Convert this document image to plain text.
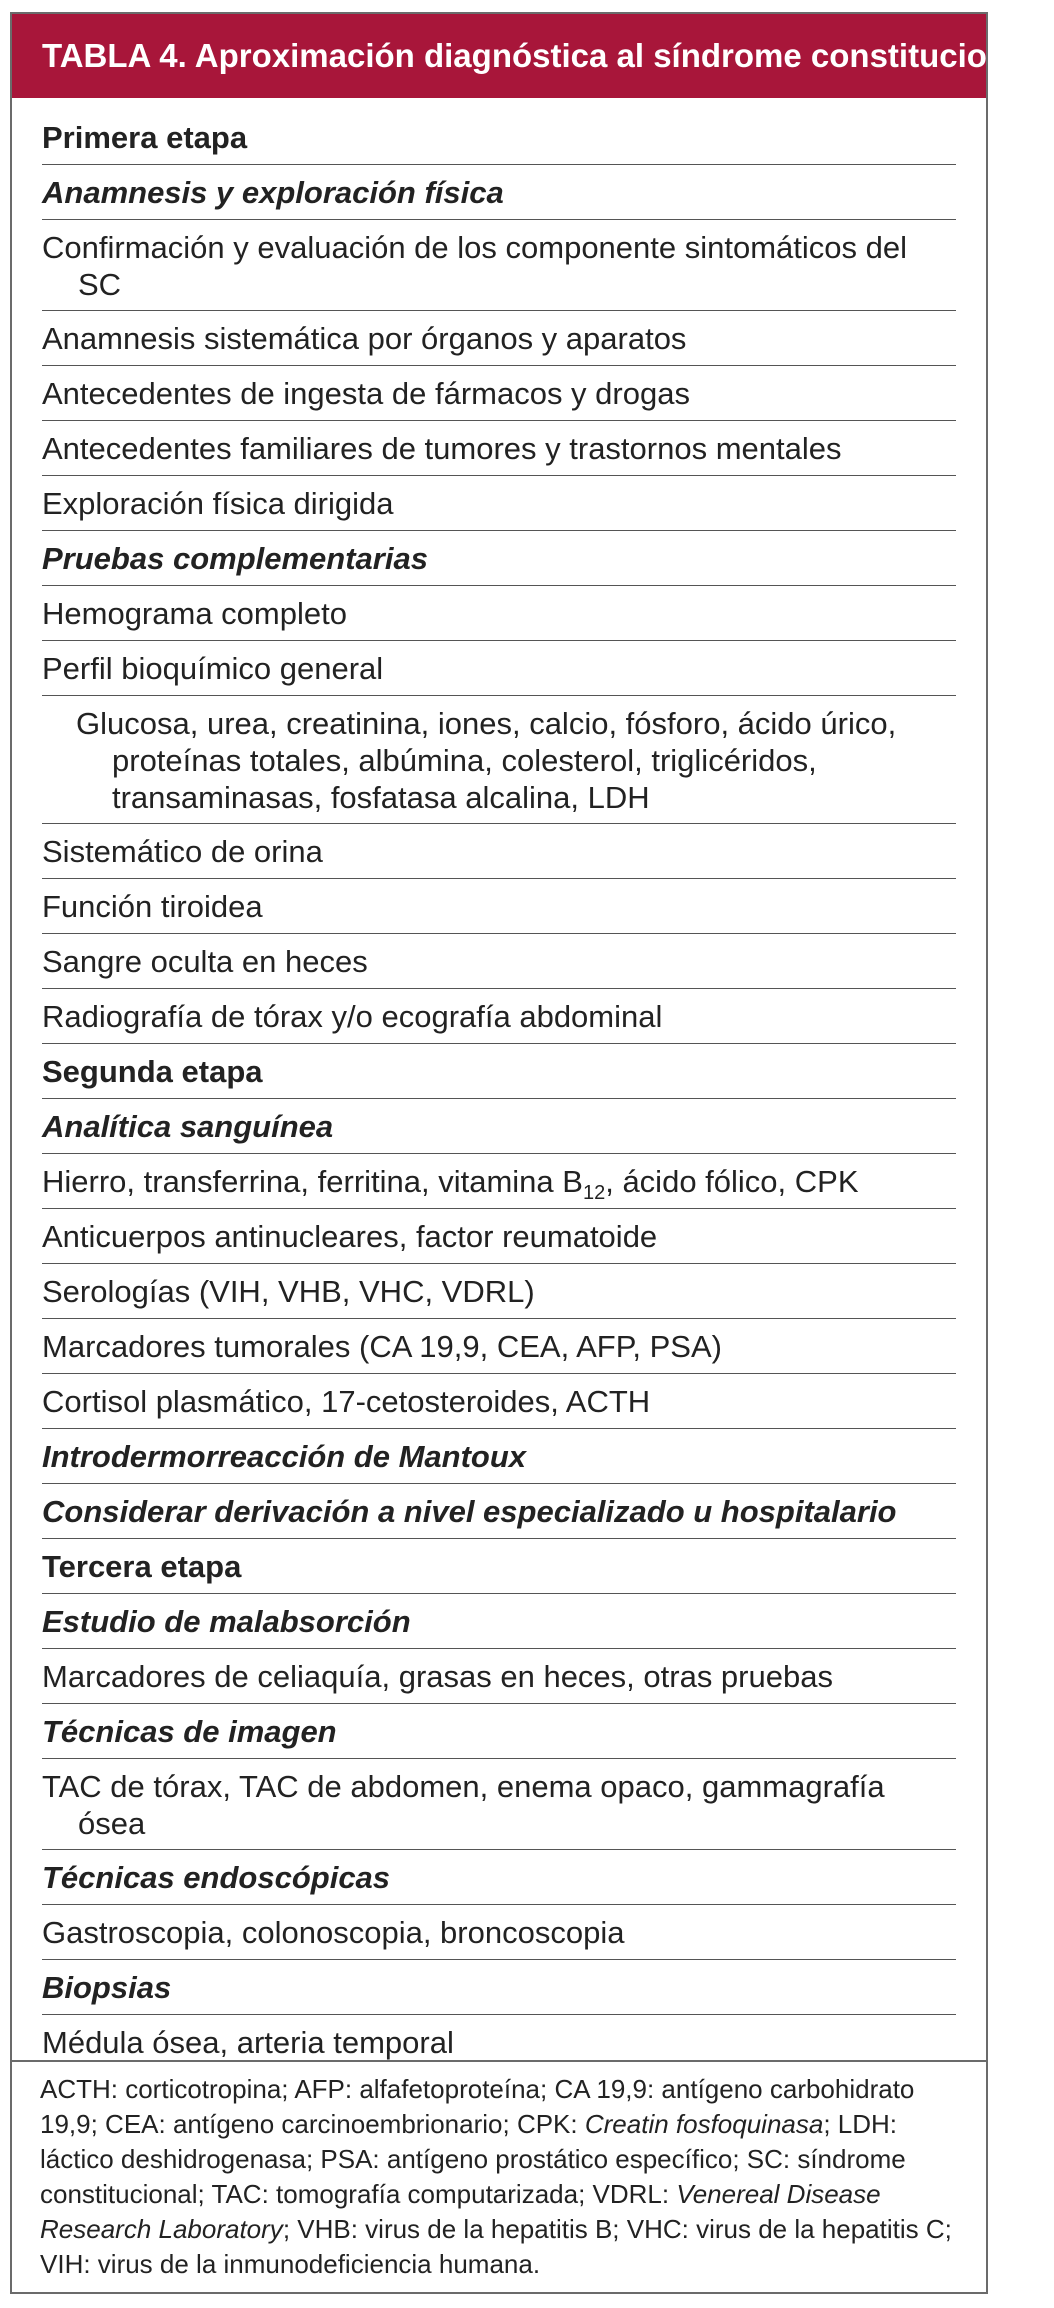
TABLA 4. Aproximación diagnóstica al síndrome constitucional
Primera etapa
Anamnesis y exploración física
Confirmación y evaluación de los componente sintomáticos del SC
Anamnesis sistemática por órganos y aparatos
Antecedentes de ingesta de fármacos y drogas
Antecedentes familiares de tumores y trastornos mentales
Exploración física dirigida
Pruebas complementarias
Hemograma completo
Perfil bioquímico general
Glucosa, urea, creatinina, iones, calcio, fósforo, ácido úrico, proteínas totales, albúmina, colesterol, triglicéridos, transaminasas, fosfatasa alcalina, LDH
Sistemático de orina
Función tiroidea
Sangre oculta en heces
Radiografía de tórax y/o ecografía abdominal
Segunda etapa
Analítica sanguínea
Hierro, transferrina, ferritina, vitamina $B_{12}$, ácido fólico, CPK
Anticuerpos antinucleares, factor reumatoide
Serologías (VIH, VHB, VHC, VDRL)
Marcadores tumorales (CA 19,9, CEA, AFP, PSA)
Cortisol plasmático, 17-cetosteroides, ACTH
Introdermorreacción de Mantoux
Considerar derivación a nivel especializado u hospitalario
Tercera etapa
Estudio de malabsorción
Marcadores de celiaquía, grasas en heces, otras pruebas
Técnicas de imagen
TAC de tórax, TAC de abdomen, enema opaco, gammagrafía ósea
Técnicas endoscópicas
Gastroscopia, colonoscopia, broncoscopia
Biopsias
Médula ósea, arteria temporal
ACTH: corticotropina; AFP: alfafetoproteína; CA 19,9: antígeno carbohidrato 19,9; CEA: antígeno carcinoembrionario; CPK: Creatin fosfoquinasa; LDH: láctico deshidrogenasa; PSA: antígeno prostático específico; SC: síndrome constitucional; TAC: tomografía computarizada; VDRL: Venereal Disease Research Laboratory; VHB: virus de la hepatitis B; VHC: virus de la hepatitis C; VIH: virus de la inmunodeficiencia humana.
